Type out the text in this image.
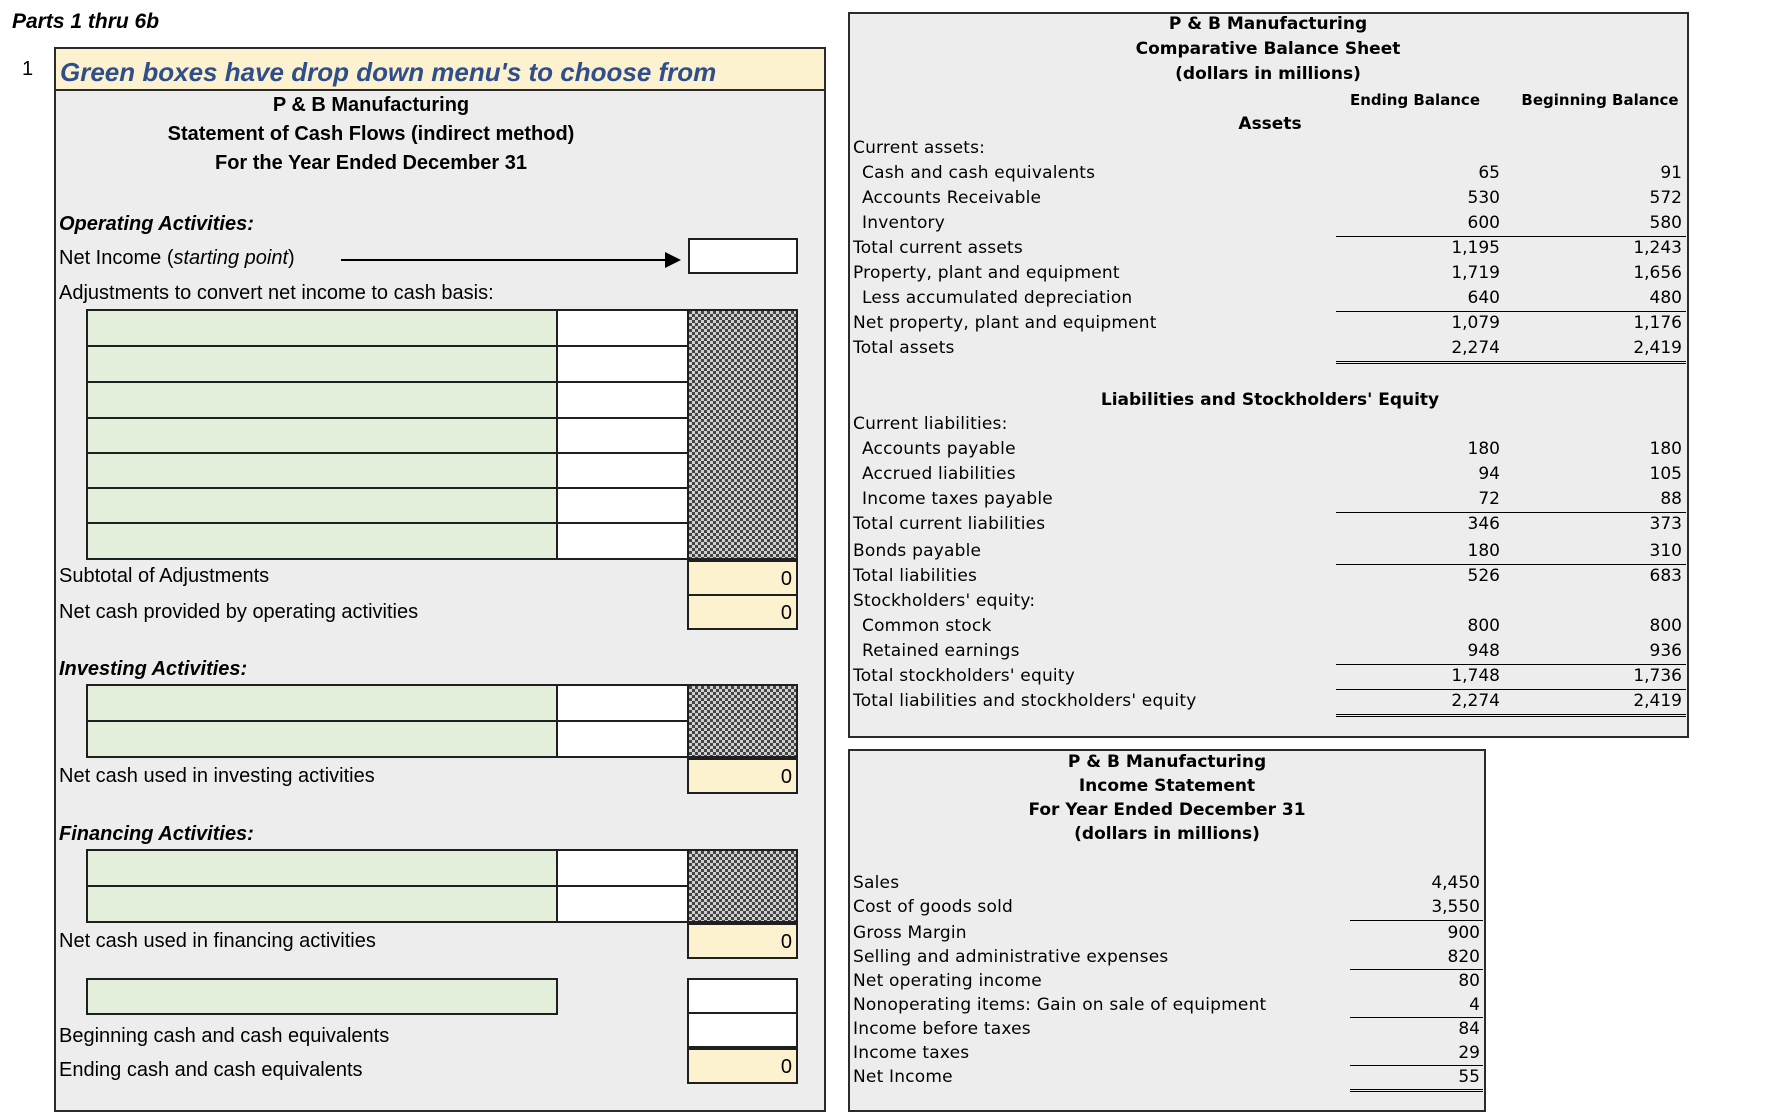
Parts 1 thru 6b
1 Green boxes have drop down menu's to choose from
P & B Manufacturing
Statement of Cash Flows (indirect method)
For the Year Ended December 31
Operating Activities:
Net Income (starting point)
Adjustments to convert net income to cash basis:
Subtotal of Adjustments	0
Net cash provided by operating activities	0
Investing Activities:
Net cash used in investing activities	0
Financing Activities:
Net cash used in financing activities	0
Beginning cash and cash equivalents
Ending cash and cash equivalents	0
P & B Manufacturing
Comparative Balance Sheet
(dollars in millions)
Ending Balance	Beginning Balance
Assets
Current assets:
Cash and cash equivalents	65	91
Accounts Receivable	530	572
Inventory	600	580
Total current assets	1,195	1,243
Property, plant and equipment	1,719	1,656
Less accumulated depreciation	640	480
Net property, plant and equipment	1,079	1,176
Total assets	2,274	2,419
Liabilities and Stockholders' Equity
Current liabilities:
Accounts payable	180	180
Accrued liabilities	94	105
Income taxes payable	72	88
Total current liabilities	346	373
Bonds payable	180	310
Total liabilities	526	683
Stockholders' equity:
Common stock	800	800
Retained earnings	948	936
Total stockholders' equity	1,748	1,736
Total liabilities and stockholders' equity	2,274	2,419
P & B Manufacturing
Income Statement
For Year Ended December 31
(dollars in millions)
Sales	4,450
Cost of goods sold	3,550
Gross Margin	900
Selling and administrative expenses	820
Net operating income	80
Nonoperating items: Gain on sale of equipment	4
Income before taxes	84
Income taxes	29
Net Income	55
